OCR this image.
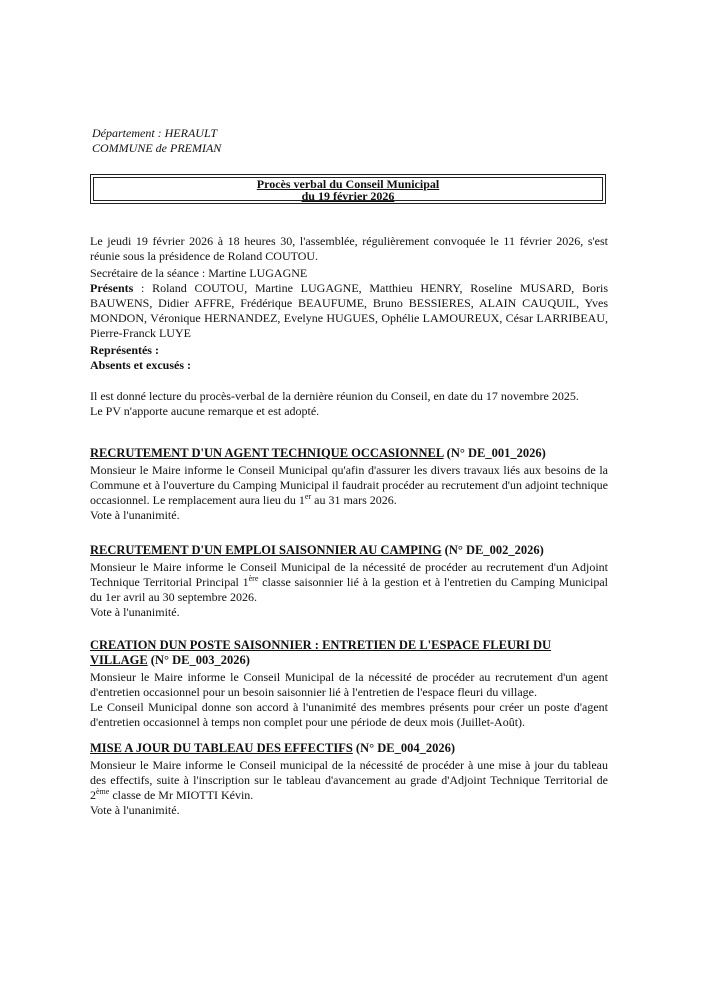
Département : HERAULT
COMMUNE de PREMIAN
Procès verbal du Conseil Municipal
du 19 février 2026

Le jeudi 19 février 2026 à 18 heures 30, l'assemblée, régulièrement convoquée le 11 février 2026, s'est réunie sous la présidence de Roland COUTOU.

Secrétaire de la séance : Martine LUGAGNE

Présents : Roland COUTOU, Martine LUGAGNE, Matthieu HENRY, Roseline MUSARD, Boris BAUWENS, Didier AFFRE, Frédérique BEAUFUME, Bruno BESSIERES, ALAIN CAUQUIL, Yves MONDON, Véronique HERNANDEZ, Evelyne HUGUES, Ophélie LAMOUREUX, César LARRIBEAU, Pierre-Franck LUYE

Représentés :

Absents et excusés :

Il est donné lecture du procès-verbal de la dernière réunion du Conseil, en date du 17 novembre 2025.

Le PV n'apporte aucune remarque et est adopté.

RECRUTEMENT D'UN AGENT TECHNIQUE OCCASIONNEL (N° DE_001_2026)

Monsieur le Maire informe le Conseil Municipal qu'afin d'assurer les divers travaux liés aux besoins de la Commune et à l'ouverture du Camping Municipal il faudrait procéder au recrutement d'un adjoint technique occasionnel. Le remplacement aura lieu du 1er au 31 mars 2026.

Vote à l'unanimité.

RECRUTEMENT D'UN EMPLOI SAISONNIER AU CAMPING (N° DE_002_2026)

Monsieur le Maire informe le Conseil Municipal de la nécessité de procéder au recrutement d'un Adjoint Technique Territorial Principal 1ère classe saisonnier lié à la gestion et à l'entretien du Camping Municipal du 1er avril au 30 septembre 2026.

Vote à l'unanimité.

CREATION DUN POSTE SAISONNIER : ENTRETIEN DE L'ESPACE FLEURI DU VILLAGE (N° DE_003_2026)

Monsieur le Maire informe le Conseil Municipal de la nécessité de procéder au recrutement d'un agent d'entretien occasionnel pour un besoin saisonnier lié à l'entretien de l'espace fleuri du village.

Le Conseil Municipal donne son accord à l'unanimité des membres présents pour créer un poste d'agent d'entretien occasionnel à temps non complet pour une période de deux mois (Juillet-Août).

MISE A JOUR DU TABLEAU DES EFFECTIFS (N° DE_004_2026)

Monsieur le Maire informe le Conseil municipal de la nécessité de procéder à une mise à jour du tableau des effectifs, suite à l'inscription sur le tableau d'avancement au grade d'Adjoint Technique Territorial de 2ème classe de Mr MIOTTI Kévin.

Vote à l'unanimité.
